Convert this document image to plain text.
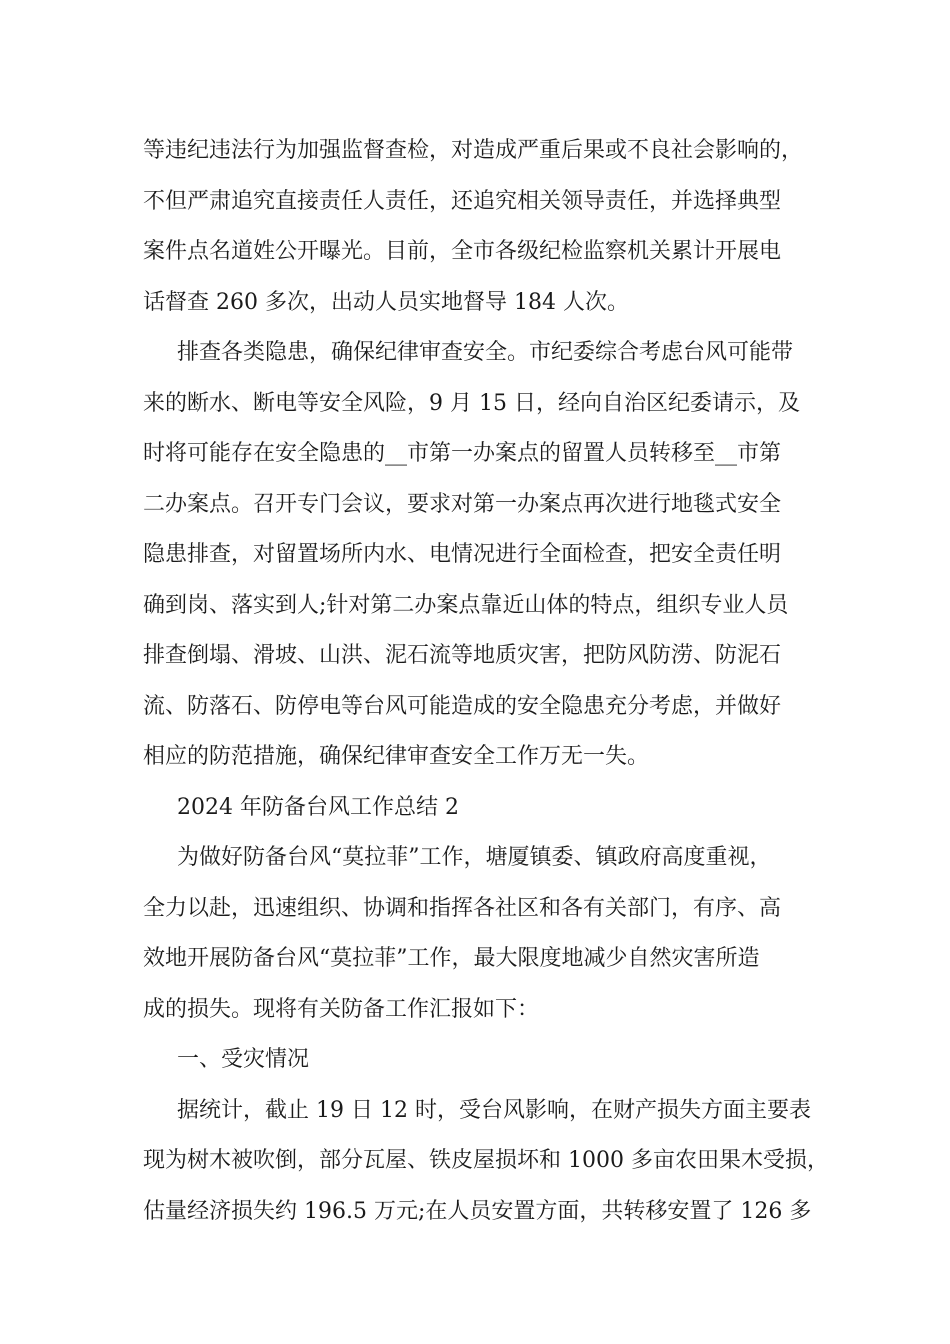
等违纪违法行为加强监督查检，对造成严重后果或不良社会影响的，
不但严肃追究直接责任人责任，还追究相关领导责任，并选择典型
案件点名道姓公开曝光。目前，全市各级纪检监察机关累计开展电
话督查 260 多次，出动人员实地督导 184 人次。
排查各类隐患，确保纪律审查安全。市纪委综合考虑台风可能带
来的断水、断电等安全风险，9 月 15 日，经向自治区纪委请示，及
时将可能存在安全隐患的__市第一办案点的留置人员转移至__市第
二办案点。召开专门会议，要求对第一办案点再次进行地毯式安全
隐患排查，对留置场所内水、电情况进行全面检查，把安全责任明
确到岗、落实到人;针对第二办案点靠近山体的特点，组织专业人员
排查倒塌、滑坡、山洪、泥石流等地质灾害，把防风防涝、防泥石
流、防落石、防停电等台风可能造成的安全隐患充分考虑，并做好
相应的防范措施，确保纪律审查安全工作万无一失。
2024 年防备台风工作总结 2
为做好防备台风“莫拉菲”工作，塘厦镇委、镇政府高度重视，
全力以赴，迅速组织、协调和指挥各社区和各有关部门，有序、高
效地开展防备台风“莫拉菲”工作，最大限度地减少自然灾害所造
成的损失。现将有关防备工作汇报如下：
一、受灾情况
据统计，截止 19 日 12 时，受台风影响，在财产损失方面主要表
现为树木被吹倒，部分瓦屋、铁皮屋损坏和 1000 多亩农田果木受损，
估量经济损失约 196.5 万元;在人员安置方面，共转移安置了 126 多
